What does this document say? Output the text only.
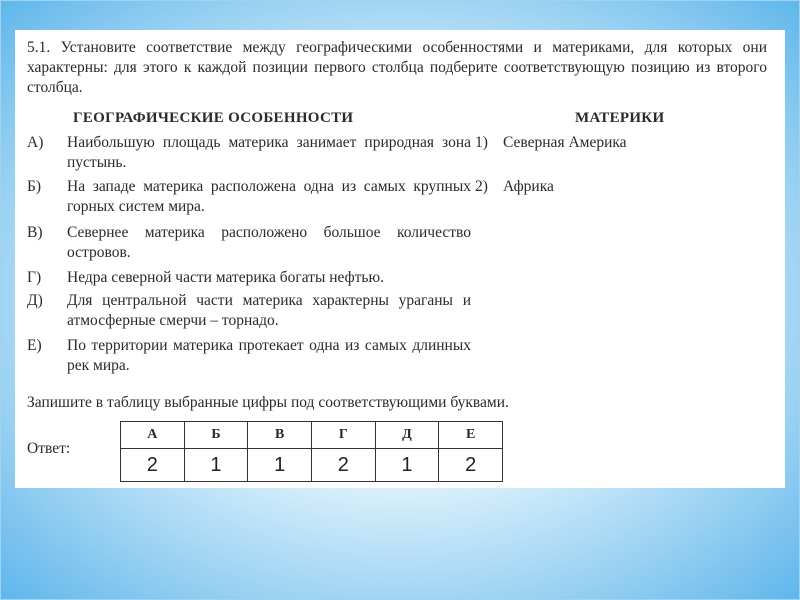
5.1. Установите соответствие между географическими особенностями и материками, для которых они характерны: для этого к каждой позиции первого столбца подберите соответствующую позицию из второго столбца.
ГЕОГРАФИЧЕСКИЕ ОСОБЕННОСТИ	МАТЕРИКИ
А)	Наибольшую площадь материка занимает природная зона пустынь.
Б)	На западе материка расположена одна из самых крупных горных систем мира.
В)	Севернее материка расположено большое количество островов.
Г)	Недра северной части материка богаты нефтью.
Д)	Для центральной части материка характерны ураганы и атмосферные смерчи – торнадо.
Е)	По территории материка протекает одна из самых длинных рек мира.
1) Северная Америка
2) Африка
Запишите в таблицу выбранные цифры под соответствующими буквами.
Ответ:
А	Б	В	Г	Д	Е
2	1	1	2	1	2
